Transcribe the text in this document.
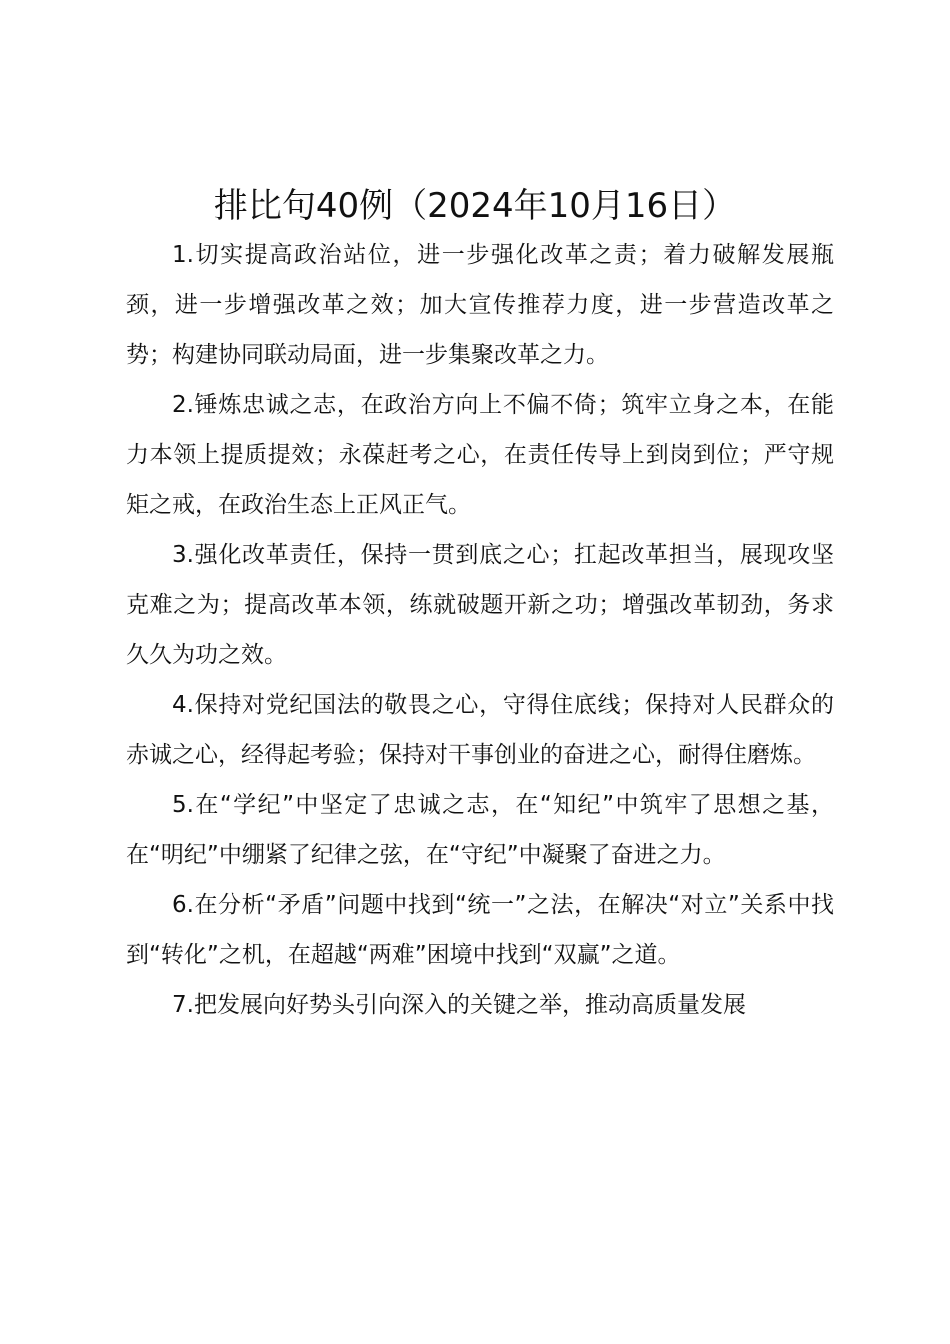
排比句40例（2024年10月16日）

1.切实提高政治站位，进一步强化改革之责；着力破解发展瓶颈，进一步增强改革之效；加大宣传推荐力度，进一步营造改革之势；构建协同联动局面，进一步集聚改革之力。

2.锤炼忠诚之志，在政治方向上不偏不倚；筑牢立身之本，在能力本领上提质提效；永葆赶考之心，在责任传导上到岗到位；严守规矩之戒，在政治生态上正风正气。

3.强化改革责任，保持一贯到底之心；扛起改革担当，展现攻坚克难之为；提高改革本领，练就破题开新之功；增强改革韧劲，务求久久为功之效。

4.保持对党纪国法的敬畏之心，守得住底线；保持对人民群众的赤诚之心，经得起考验；保持对干事创业的奋进之心，耐得住磨炼。

5.在“学纪”中坚定了忠诚之志，在“知纪”中筑牢了思想之基，在“明纪”中绷紧了纪律之弦，在“守纪”中凝聚了奋进之力。

6.在分析“矛盾”问题中找到“统一”之法，在解决“对立”关系中找到“转化”之机，在超越“两难”困境中找到“双赢”之道。

7.把发展向好势头引向深入的关键之举，推动高质量发展
